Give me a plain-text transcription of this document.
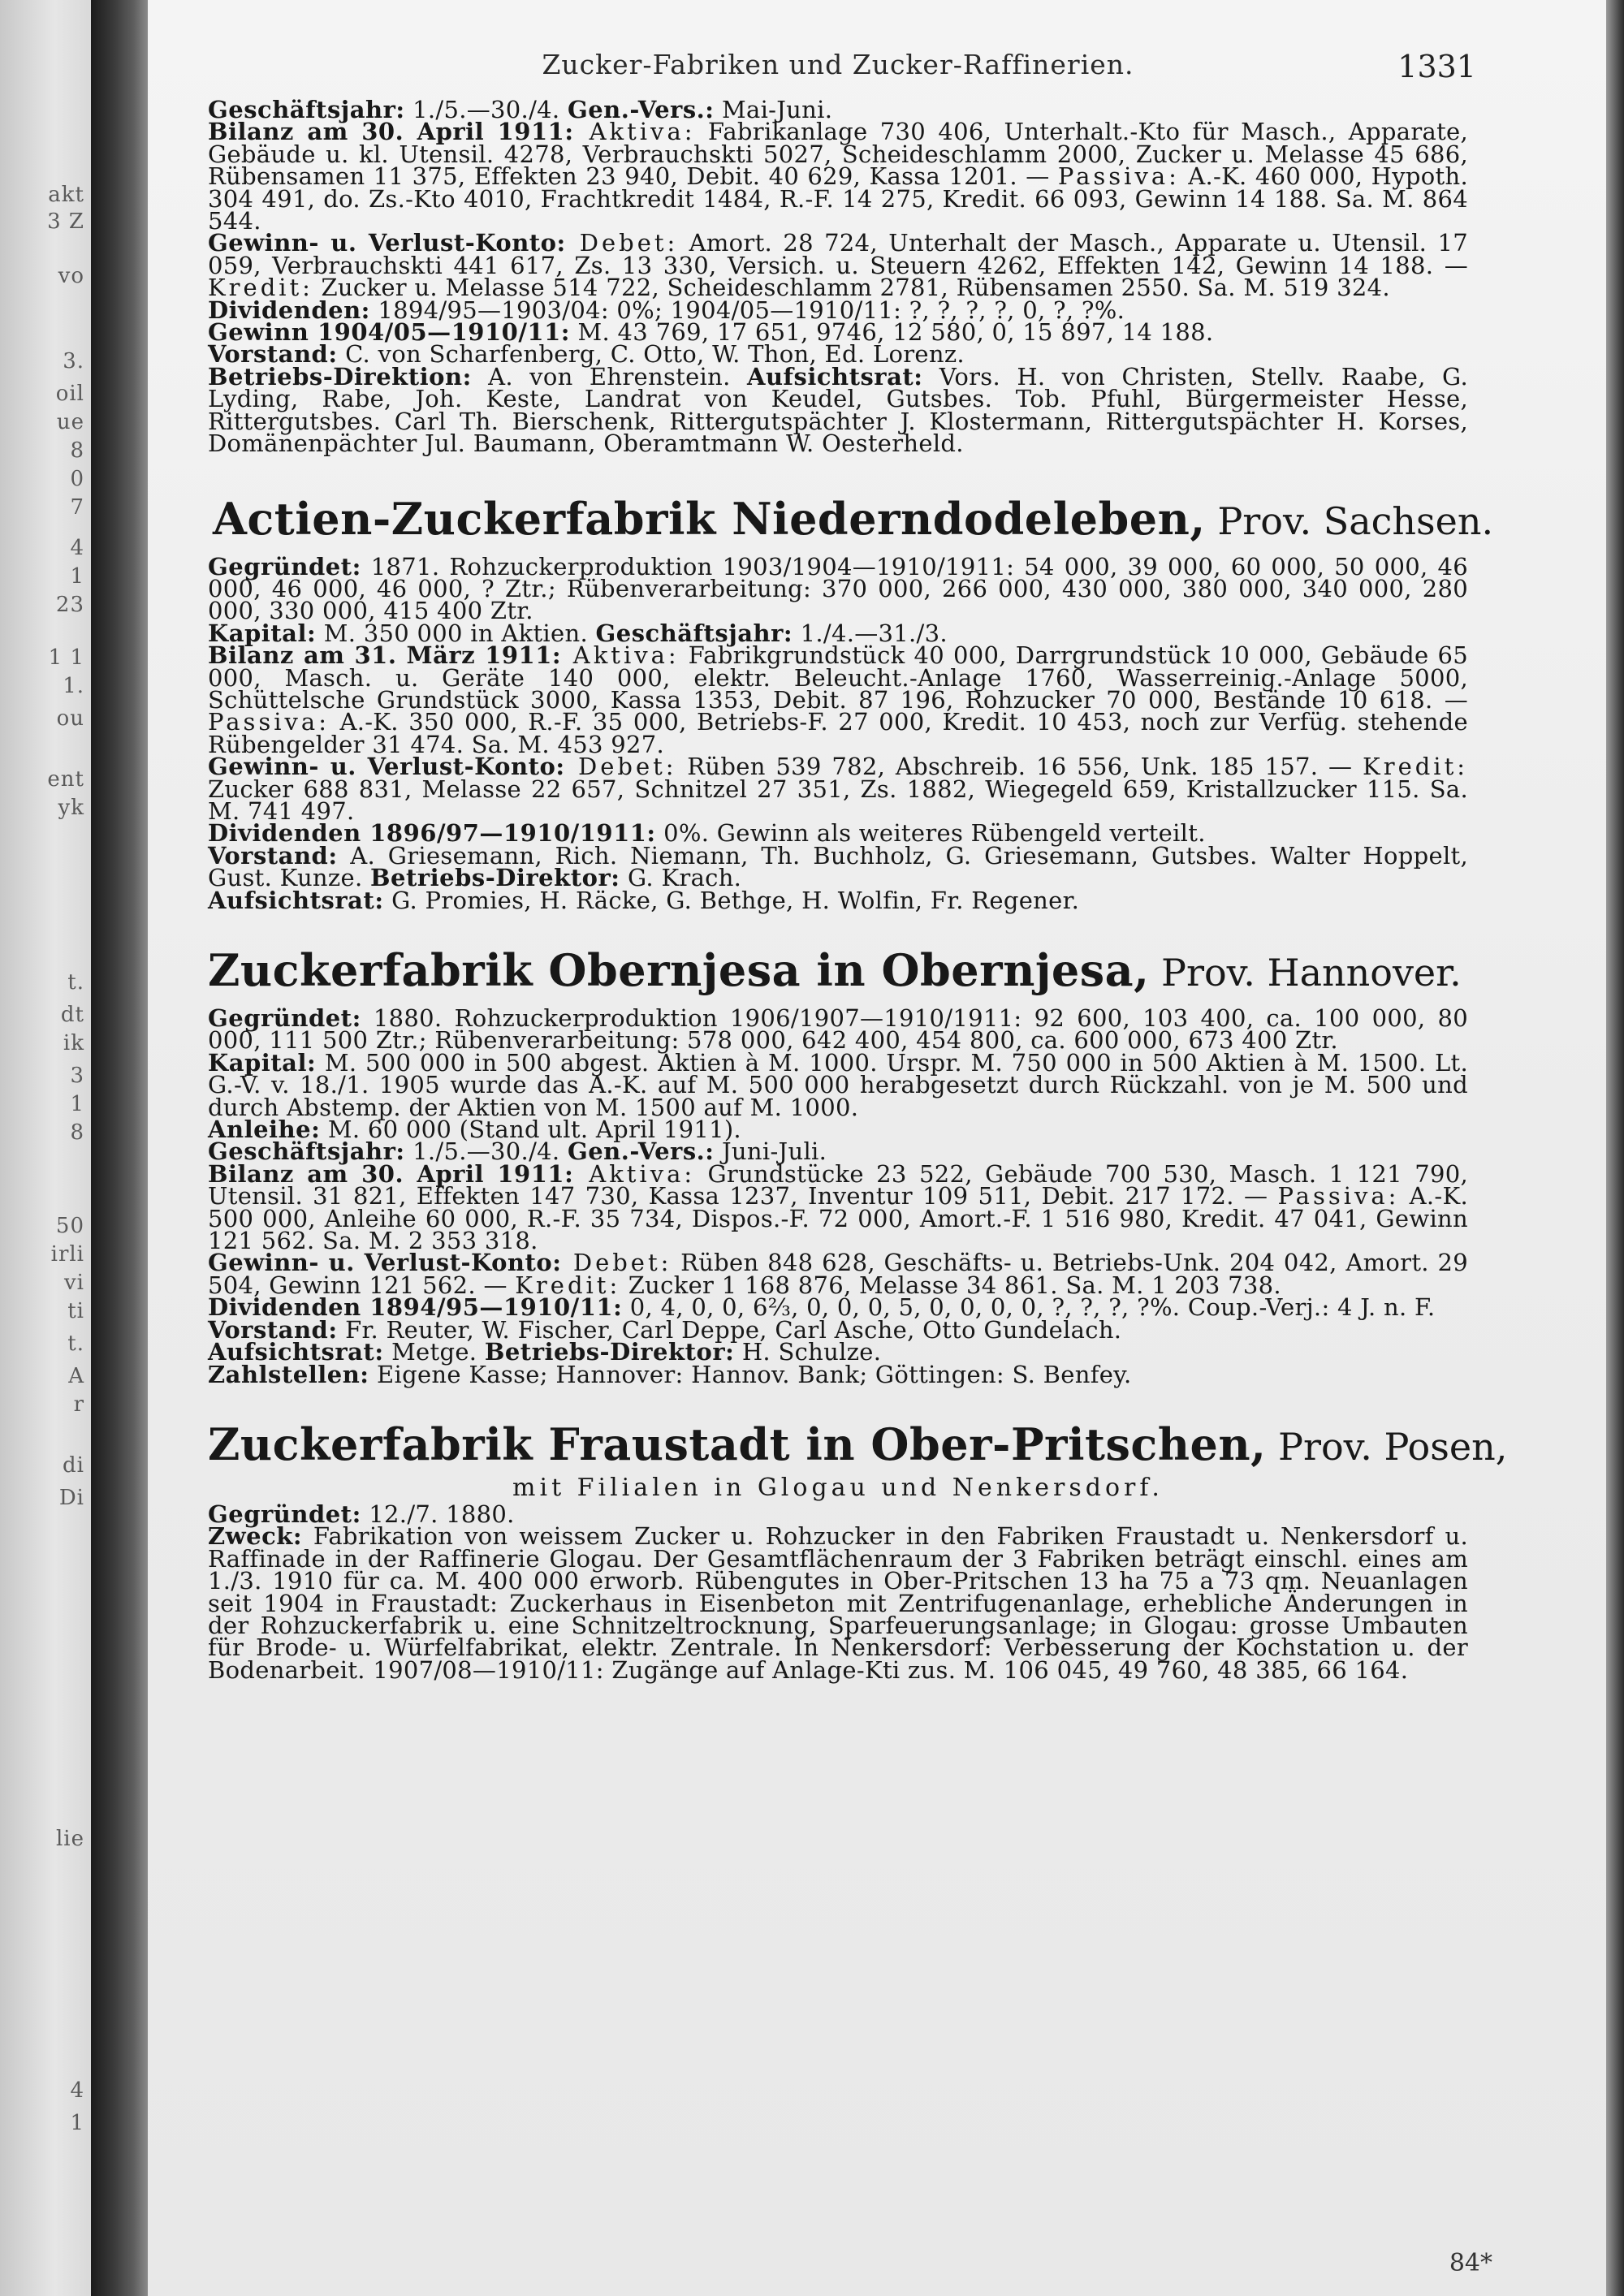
akt
3 Z
vo
3.
oil
ue
8
0
7
4
1
23
1 1
1.
ou
ent
yk
t.
dt
ik
3
1
8
50
irli
vi
ti
t.
A
r
di
Di
lie
4
1
Zucker-Fabriken und Zucker-Raffinerien.	1331

Geschäftsjahr: 1./5.—30./4. Gen.-Vers.: Mai-Juni.

Bilanz am 30. April 1911: Aktiva: Fabrikanlage 730 406, Unterhalt.-Kto für Masch., Apparate, Gebäude u. kl. Utensil. 4278, Verbrauchskti 5027, Scheideschlamm 2000, Zucker u. Melasse 45 686, Rübensamen 11 375, Effekten 23 940, Debit. 40 629, Kassa 1201. — Passiva: A.-K. 460 000, Hypoth. 304 491, do. Zs.-Kto 4010, Frachtkredit 1484, R.-F. 14 275, Kredit. 66 093, Gewinn 14 188. Sa. M. 864 544.

Gewinn- u. Verlust-Konto: Debet: Amort. 28 724, Unterhalt der Masch., Apparate u. Utensil. 17 059, Verbrauchskti 441 617, Zs. 13 330, Versich. u. Steuern 4262, Effekten 142, Gewinn 14 188. — Kredit: Zucker u. Melasse 514 722, Scheideschlamm 2781, Rübensamen 2550. Sa. M. 519 324.

Dividenden: 1894/95—1903/04: 0%; 1904/05—1910/11: ?, ?, ?, ?, 0, ?, ?%.

Gewinn 1904/05—1910/11: M. 43 769, 17 651, 9746, 12 580, 0, 15 897, 14 188.

Vorstand: C. von Scharfenberg, C. Otto, W. Thon, Ed. Lorenz.

Betriebs-Direktion: A. von Ehrenstein. Aufsichtsrat: Vors. H. von Christen, Stellv. Raabe, G. Lyding, Rabe, Joh. Keste, Landrat von Keudel, Gutsbes. Tob. Pfuhl, Bürgermeister Hesse, Rittergutsbes. Carl Th. Bierschenk, Rittergutspächter J. Klostermann, Rittergutspächter H. Korses, Domänenpächter Jul. Baumann, Oberamtmann W. Oesterheld.

Actien-Zuckerfabrik Niederndodeleben, Prov. Sachsen.

Gegründet: 1871. Rohzuckerproduktion 1903/1904—1910/1911: 54 000, 39 000, 60 000, 50 000, 46 000, 46 000, 46 000, ? Ztr.; Rübenverarbeitung: 370 000, 266 000, 430 000, 380 000, 340 000, 280 000, 330 000, 415 400 Ztr.

Kapital: M. 350 000 in Aktien. Geschäftsjahr: 1./4.—31./3.

Bilanz am 31. März 1911: Aktiva: Fabrikgrundstück 40 000, Darrgrundstück 10 000, Gebäude 65 000, Masch. u. Geräte 140 000, elektr. Beleucht.-Anlage 1760, Wasserreinig.-Anlage 5000, Schüttelsche Grundstück 3000, Kassa 1353, Debit. 87 196, Rohzucker 70 000, Bestände 10 618. — Passiva: A.-K. 350 000, R.-F. 35 000, Betriebs-F. 27 000, Kredit. 10 453, noch zur Verfüg. stehende Rübengelder 31 474. Sa. M. 453 927.

Gewinn- u. Verlust-Konto: Debet: Rüben 539 782, Abschreib. 16 556, Unk. 185 157. — Kredit: Zucker 688 831, Melasse 22 657, Schnitzel 27 351, Zs. 1882, Wiegegeld 659, Kristallzucker 115. Sa. M. 741 497.

Dividenden 1896/97—1910/1911: 0%. Gewinn als weiteres Rübengeld verteilt.

Vorstand: A. Griesemann, Rich. Niemann, Th. Buchholz, G. Griesemann, Gutsbes. Walter Hoppelt, Gust. Kunze. Betriebs-Direktor: G. Krach.

Aufsichtsrat: G. Promies, H. Räcke, G. Bethge, H. Wolfin, Fr. Regener.

Zuckerfabrik Obernjesa in Obernjesa, Prov. Hannover.

Gegründet: 1880. Rohzuckerproduktion 1906/1907—1910/1911: 92 600, 103 400, ca. 100 000, 80 000, 111 500 Ztr.; Rübenverarbeitung: 578 000, 642 400, 454 800, ca. 600 000, 673 400 Ztr.

Kapital: M. 500 000 in 500 abgest. Aktien à M. 1000. Urspr. M. 750 000 in 500 Aktien à M. 1500. Lt. G.-V. v. 18./1. 1905 wurde das A.-K. auf M. 500 000 herabgesetzt durch Rückzahl. von je M. 500 und durch Abstemp. der Aktien von M. 1500 auf M. 1000.

Anleihe: M. 60 000 (Stand ult. April 1911).

Geschäftsjahr: 1./5.—30./4. Gen.-Vers.: Juni-Juli.

Bilanz am 30. April 1911: Aktiva: Grundstücke 23 522, Gebäude 700 530, Masch. 1 121 790, Utensil. 31 821, Effekten 147 730, Kassa 1237, Inventur 109 511, Debit. 217 172. — Passiva: A.-K. 500 000, Anleihe 60 000, R.-F. 35 734, Dispos.-F. 72 000, Amort.-F. 1 516 980, Kredit. 47 041, Gewinn 121 562. Sa. M. 2 353 318.

Gewinn- u. Verlust-Konto: Debet: Rüben 848 628, Geschäfts- u. Betriebs-Unk. 204 042, Amort. 29 504, Gewinn 121 562. — Kredit: Zucker 1 168 876, Melasse 34 861. Sa. M. 1 203 738.

Dividenden 1894/95—1910/11: 0, 4, 0, 0, 6⅔, 0, 0, 0, 5, 0, 0, 0, 0, ?, ?, ?, ?%. Coup.-Verj.: 4 J. n. F.

Vorstand: Fr. Reuter, W. Fischer, Carl Deppe, Carl Asche, Otto Gundelach.

Aufsichtsrat: Metge. Betriebs-Direktor: H. Schulze.

Zahlstellen: Eigene Kasse; Hannover: Hannov. Bank; Göttingen: S. Benfey.

Zuckerfabrik Fraustadt in Ober-Pritschen, Prov. Posen,
mit Filialen in Glogau und Nenkersdorf.

Gegründet: 12./7. 1880.

Zweck: Fabrikation von weissem Zucker u. Rohzucker in den Fabriken Fraustadt u. Nenkersdorf u. Raffinade in der Raffinerie Glogau. Der Gesamtflächenraum der 3 Fabriken beträgt einschl. eines am 1./3. 1910 für ca. M. 400 000 erworb. Rübengutes in Ober-Pritschen 13 ha 75 a 73 qm. Neuanlagen seit 1904 in Fraustadt: Zuckerhaus in Eisenbeton mit Zentrifugenanlage, erhebliche Änderungen in der Rohzuckerfabrik u. eine Schnitzeltrocknung, Sparfeuerungsanlage; in Glogau: grosse Umbauten für Brode- u. Würfelfabrikat, elektr. Zentrale. In Nenkersdorf: Verbesserung der Kochstation u. der Bodenarbeit. 1907/08—1910/11: Zugänge auf Anlage-Kti zus. M. 106 045, 49 760, 48 385, 66 164.

84*
